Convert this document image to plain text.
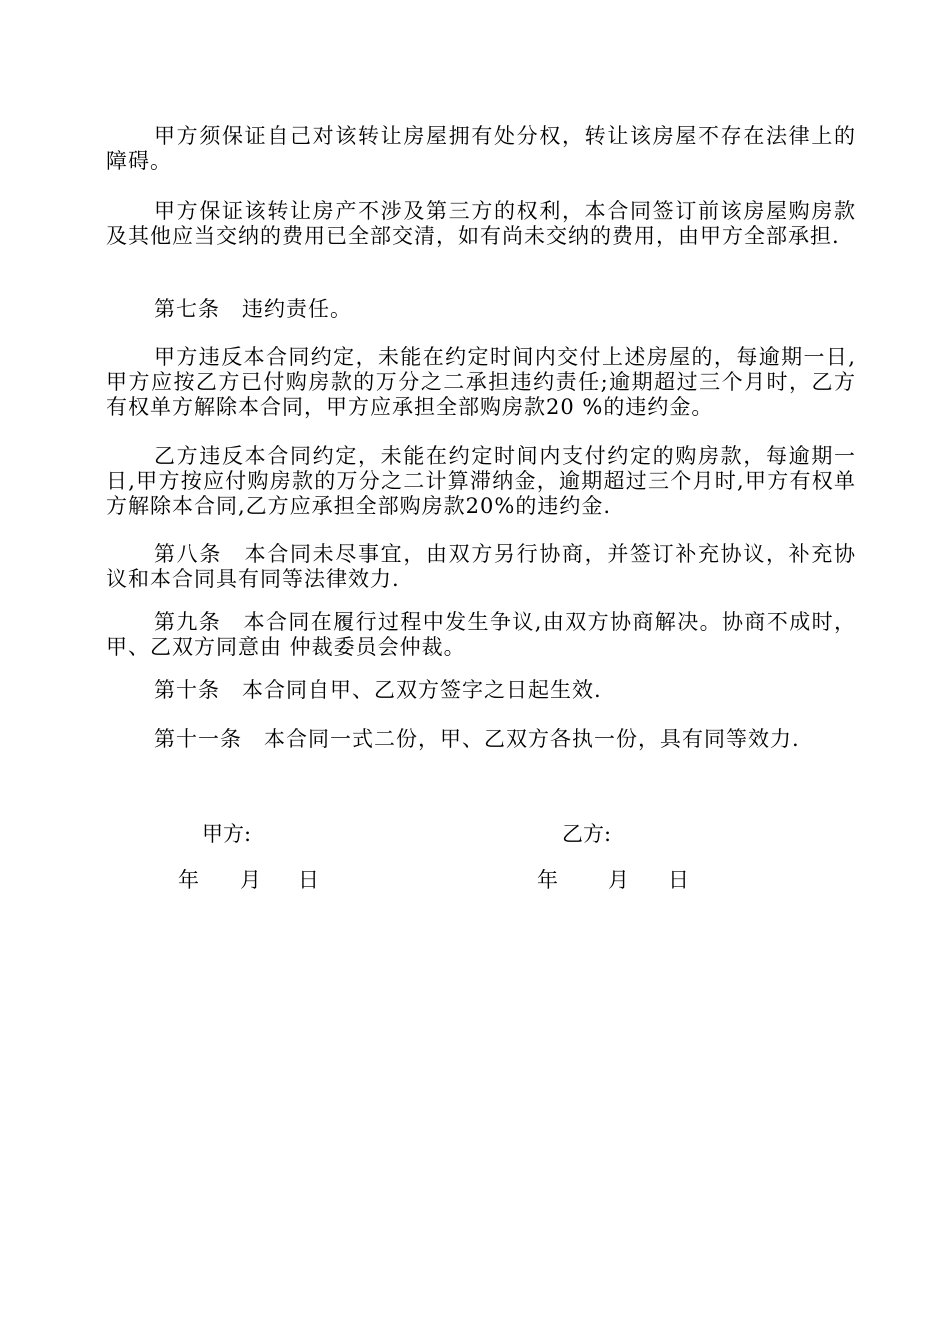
甲方须保证自己对该转让房屋拥有处分权，转让该房屋不存在法律上的障碍。

甲方保证该转让房产不涉及第三方的权利，本合同签订前该房屋购房款及其他应当交纳的费用已全部交清，如有尚未交纳的费用，由甲方全部承担.

第七条　违约责任。

甲方违反本合同约定，未能在约定时间内交付上述房屋的，每逾期一日,甲方应按乙方已付购房款的万分之二承担违约责任;逾期超过三个月时，乙方有权单方解除本合同，甲方应承担全部购房款20 %的违约金。

乙方违反本合同约定，未能在约定时间内支付约定的购房款，每逾期一日,甲方按应付购房款的万分之二计算滞纳金，逾期超过三个月时,甲方有权单方解除本合同,乙方应承担全部购房款20%的违约金.

第八条　本合同未尽事宜，由双方另行协商，并签订补充协议，补充协议和本合同具有同等法律效力.

第九条　本合同在履行过程中发生争议,由双方协商解决。协商不成时，甲、乙双方同意由 仲裁委员会仲裁。

第十条　本合同自甲、乙双方签字之日起生效.

第十一条　本合同一式二份，甲、乙双方各执一份，具有同等效力.

甲方:	乙方:
年 月 日	年 月 日
